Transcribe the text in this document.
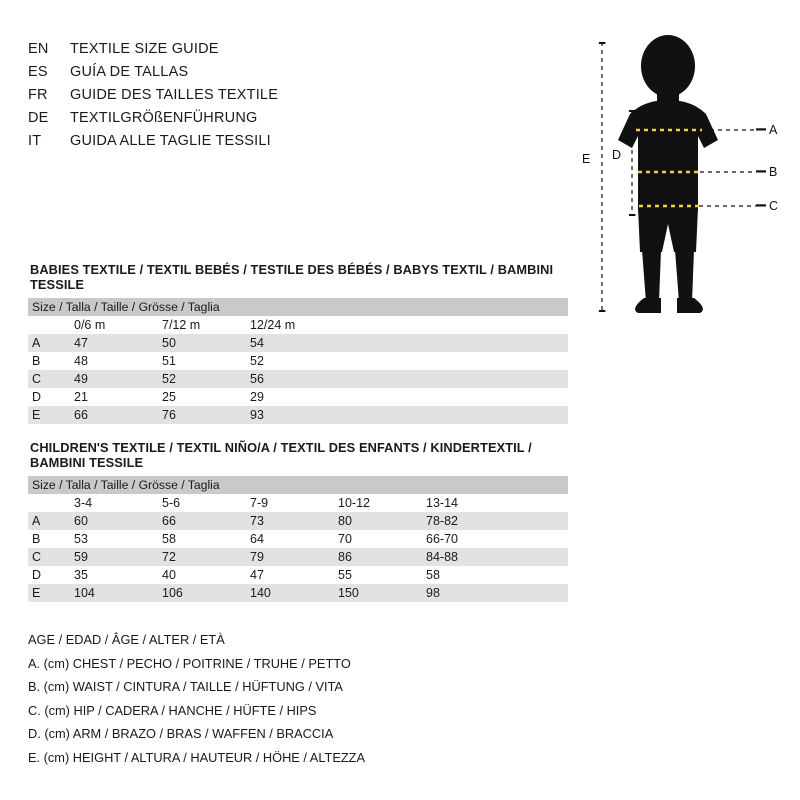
EN	TEXTILE SIZE GUIDE
ES	GUÍA DE TALLAS
FR	GUIDE DES TAILLES TEXTILE
DE	TEXTILGRÖßENFÜHRUNG
IT	GUIDA ALLE TAGLIE TESSILI
A
B
C
D
E
BABIES TEXTILE / TEXTIL BEBÉS / TESTILE DES BÉBÉS / BABYS TEXTIL / BAMBINI TESSILE
Size / Talla / Taille / Grösse / Taglia				
	0/6 m	7/12 m	12/24 m	
A	47	50	54	
B	48	51	52	
C	49	52	56	
D	21	25	29	
E	66	76	93	
CHILDREN'S TEXTILE / TEXTIL NIÑO/A / TEXTIL DES ENFANTS / KINDERTEXTIL / BAMBINI TESSILE
Size / Talla / Taille / Grösse / Taglia					
	3-4	5-6	7-9	10-12	13-14
A	60	66	73	80	78-82
B	53	58	64	70	66-70
C	59	72	79	86	84-88
D	35	40	47	55	58
E	104	106	140	150	98
AGE / EDAD / ÂGE / ALTER / ETÀ
A. (cm) CHEST / PECHO / POITRINE / TRUHE / PETTO
B. (cm) WAIST / CINTURA / TAILLE / HÜFTUNG / VITA
C. (cm) HIP / CADERA / HANCHE / HÜFTE / HIPS
D. (cm) ARM / BRAZO / BRAS / WAFFEN / BRACCIA
E. (cm) HEIGHT / ALTURA / HAUTEUR / HÖHE / ALTEZZA
